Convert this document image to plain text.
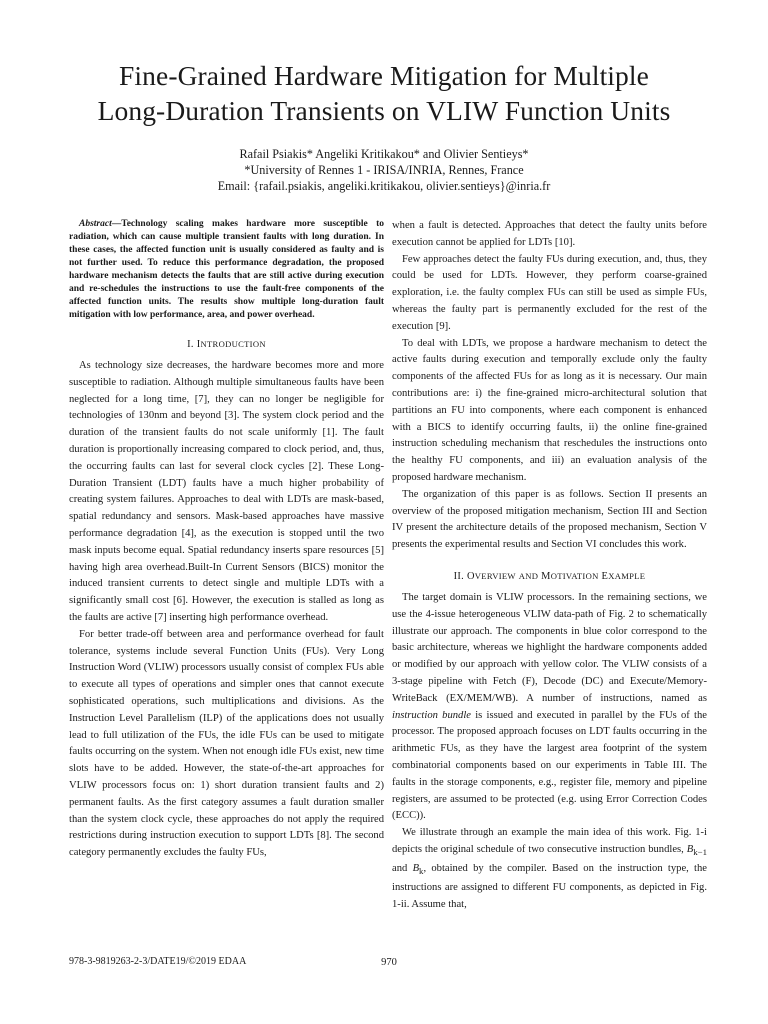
Fine-Grained Hardware Mitigation for Multiple
Long-Duration Transients on VLIW Function Units
Rafail Psiakis* Angeliki Kritikakou* and Olivier Sentieys*
*University of Rennes 1 - IRISA/INRIA, Rennes, France
Email: {rafail.psiakis, angeliki.kritikakou, olivier.sentieys}@inria.fr

Abstract—Technology scaling makes hardware more susceptible to radiation, which can cause multiple transient faults with long duration. In these cases, the affected function unit is usually considered as faulty and is not further used. To reduce this performance degradation, the proposed hardware mechanism detects the faults that are still active during execution and re-schedules the instructions to use the fault-free components of the affected function units. The results show multiple long-duration fault mitigation with low performance, area, and power overhead.

I. INTRODUCTION

As technology size decreases, the hardware becomes more and more susceptible to radiation. Although multiple simultaneous faults have been neglected for a long time, [7], they can no longer be negligible for technologies of 130nm and beyond [3]. The system clock period and the duration of the transient faults do not scale uniformly [1]. The fault duration is proportionally increasing compared to clock period, and, thus, the occurring faults can last for several clock cycles [2]. These Long-Duration Transient (LDT) faults have a much higher probability of creating system failures. Approaches to deal with LDTs are mask-based, spatial redundancy and sensors. Mask-based approaches have massive performance degradation [4], as the execution is stopped until the two mask inputs become equal. Spatial redundancy inserts spare resources [5] having high area overhead.Built-In Current Sensors (BICS) monitor the induced transient currents to detect single and multiple LDTs with a significantly small cost [6]. However, the execution is stalled as long as the faults are active [7] inserting high performance overhead.

For better trade-off between area and performance overhead for fault tolerance, systems include several Function Units (FUs). Very Long Instruction Word (VLIW) processors usually consist of complex FUs able to execute all types of operations and simpler ones that cannot execute sophisticated operations, such multiplications and divisions. As the Instruction Level Parallelism (ILP) of the applications does not usually lead to full utilization of the FUs, the idle FUs can be used to mitigate faults occurring on the system. When not enough idle FUs exist, new time slots have to be added. However, the state-of-the-art approaches for VLIW processors focus on: 1) short duration transient faults and 2) permanent faults. As the first category assumes a fault duration smaller than the system clock cycle, these approaches do not apply the required restrictions during instruction execution to support LDTs [8]. The second category permanently excludes the faulty FUs,

when a fault is detected. Approaches that detect the faulty units before execution cannot be applied for LDTs [10].

Few approaches detect the faulty FUs during execution, and, thus, they could be used for LDTs. However, they perform coarse-grained exploration, i.e. the faulty complex FUs can still be used as simple FUs, whereas the faulty part is permanently excluded for the rest of the execution [9].

To deal with LDTs, we propose a hardware mechanism to detect the active faults during execution and temporally exclude only the faulty components of the affected FUs for as long as it is necessary. Our main contributions are: i) the fine-grained micro-architectural solution that partitions an FU into components, where each component is enhanced with a BICS to identify occurring faults, ii) the online fine-grained instruction scheduling mechanism that reschedules the instructions onto the healthy FU components, and iii) an evaluation analysis of the proposed hardware mechanism.

The organization of this paper is as follows. Section II presents an overview of the proposed mitigation mechanism, Section III and Section IV present the architecture details of the proposed mechanism, Section V presents the experimental results and Section VI concludes this work.

II. OVERVIEW AND MOTIVATION EXAMPLE

The target domain is VLIW processors. In the remaining sections, we use the 4-issue heterogeneous VLIW data-path of Fig. 2 to schematically illustrate our approach. The components in blue color correspond to the basic architecture, whereas we highlight the hardware components added or modified by our approach with yellow color. The VLIW consists of a 3-stage pipeline with Fetch (F), Decode (DC) and Execute/Memory-WriteBack (EX/MEM/WB). A number of instructions, named as instruction bundle is issued and executed in parallel by the FUs of the processor. The proposed approach focuses on LDT faults occurring in the arithmetic FUs, as they have the largest area footprint of the system combinatorial components based on our experiments in Table III. The faults in the storage components, e.g., register file, memory and pipeline registers, are assumed to be protected (e.g. using Error Correction Codes (ECC)).

We illustrate through an example the main idea of this work. Fig. 1-i depicts the original schedule of two consecutive instruction bundles, $B_{k-1}$ and $B_k$, obtained by the compiler. Based on the instruction type, the instructions are assigned to different FU components, as depicted in Fig. 1-ii. Assume that,

978-3-9819263-2-3/DATE19/©2019 EDAA	970
